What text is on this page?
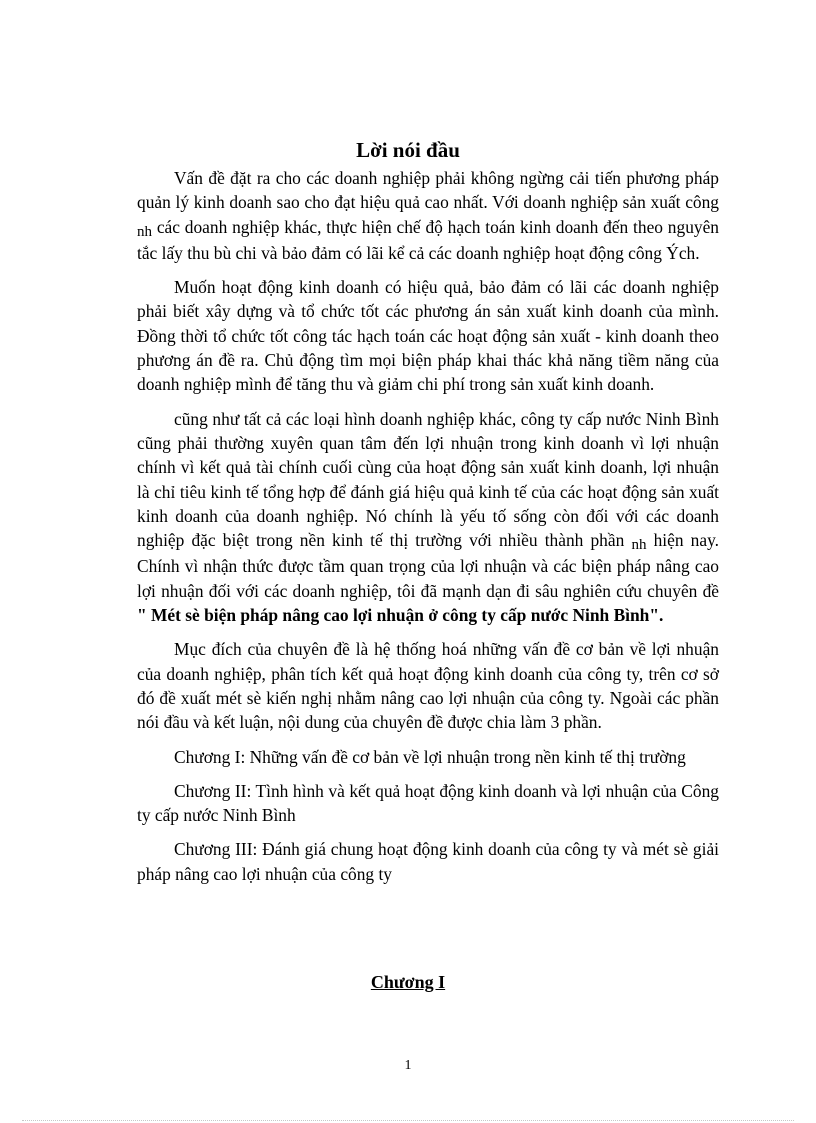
Lời nói đầu

Vấn đề đặt ra cho các doanh nghiệp phải không ngừng cải tiến phương pháp quản lý kinh doanh sao cho đạt hiệu quả cao nhất. Với doanh nghiệp sản xuất công nh các doanh nghiệp khác, thực hiện chế độ hạch toán kinh doanh đến theo nguyên tắc lấy thu bù chi và bảo đảm có lãi kể cả các doanh nghiệp hoạt động công Ých.

Muốn hoạt động kinh doanh có hiệu quả, bảo đảm có lãi các doanh nghiệp phải biết xây dựng và tổ chức tốt các phương án sản xuất kinh doanh của mình. Đồng thời tổ chức tốt công tác hạch toán các hoạt động sản xuất - kinh doanh theo phương án đề ra. Chủ động tìm mọi biện pháp khai thác khả năng tiềm năng của doanh nghiệp mình để tăng thu và giảm chi phí trong sản xuất kinh doanh.

cũng như tất cả các loại hình doanh nghiệp khác, công ty cấp nước Ninh Bình cũng phải thường xuyên quan tâm đến lợi nhuận trong kinh doanh vì lợi nhuận chính vì kết quả tài chính cuối cùng của hoạt động sản xuất kinh doanh, lợi nhuận là chỉ tiêu kinh tế tổng hợp để đánh giá hiệu quả kinh tế của các hoạt động sản xuất kinh doanh của doanh nghiệp. Nó chính là yếu tố sống còn đối với các doanh nghiệp đặc biệt trong nền kinh tế thị trường với nhiều thành phần nh hiện nay. Chính vì nhận thức được tầm quan trọng của lợi nhuận và các biện pháp nâng cao lợi nhuận đối với các doanh nghiệp, tôi đã mạnh dạn đi sâu nghiên cứu chuyên đề " Mét sè biện pháp nâng cao lợi nhuận ở công ty cấp nước Ninh Bình".

Mục đích của chuyên đề là hệ thống hoá những vấn đề cơ bản về lợi nhuận của doanh nghiệp, phân tích kết quả hoạt động kinh doanh của công ty, trên cơ sở đó đề xuất mét sè kiến nghị nhằm nâng cao lợi nhuận của công ty. Ngoài các phần nói đầu và kết luận, nội dung của chuyên đề được chia làm 3 phần.

Chương I: Những vấn đề cơ bản về lợi nhuận trong nền kinh tế thị trường

Chương II: Tình hình và kết quả hoạt động kinh doanh và lợi nhuận của Công ty cấp nước Ninh Bình

Chương III: Đánh giá chung hoạt động kinh doanh của công ty và mét sè giải pháp nâng cao lợi nhuận của công ty

Chương I
1
